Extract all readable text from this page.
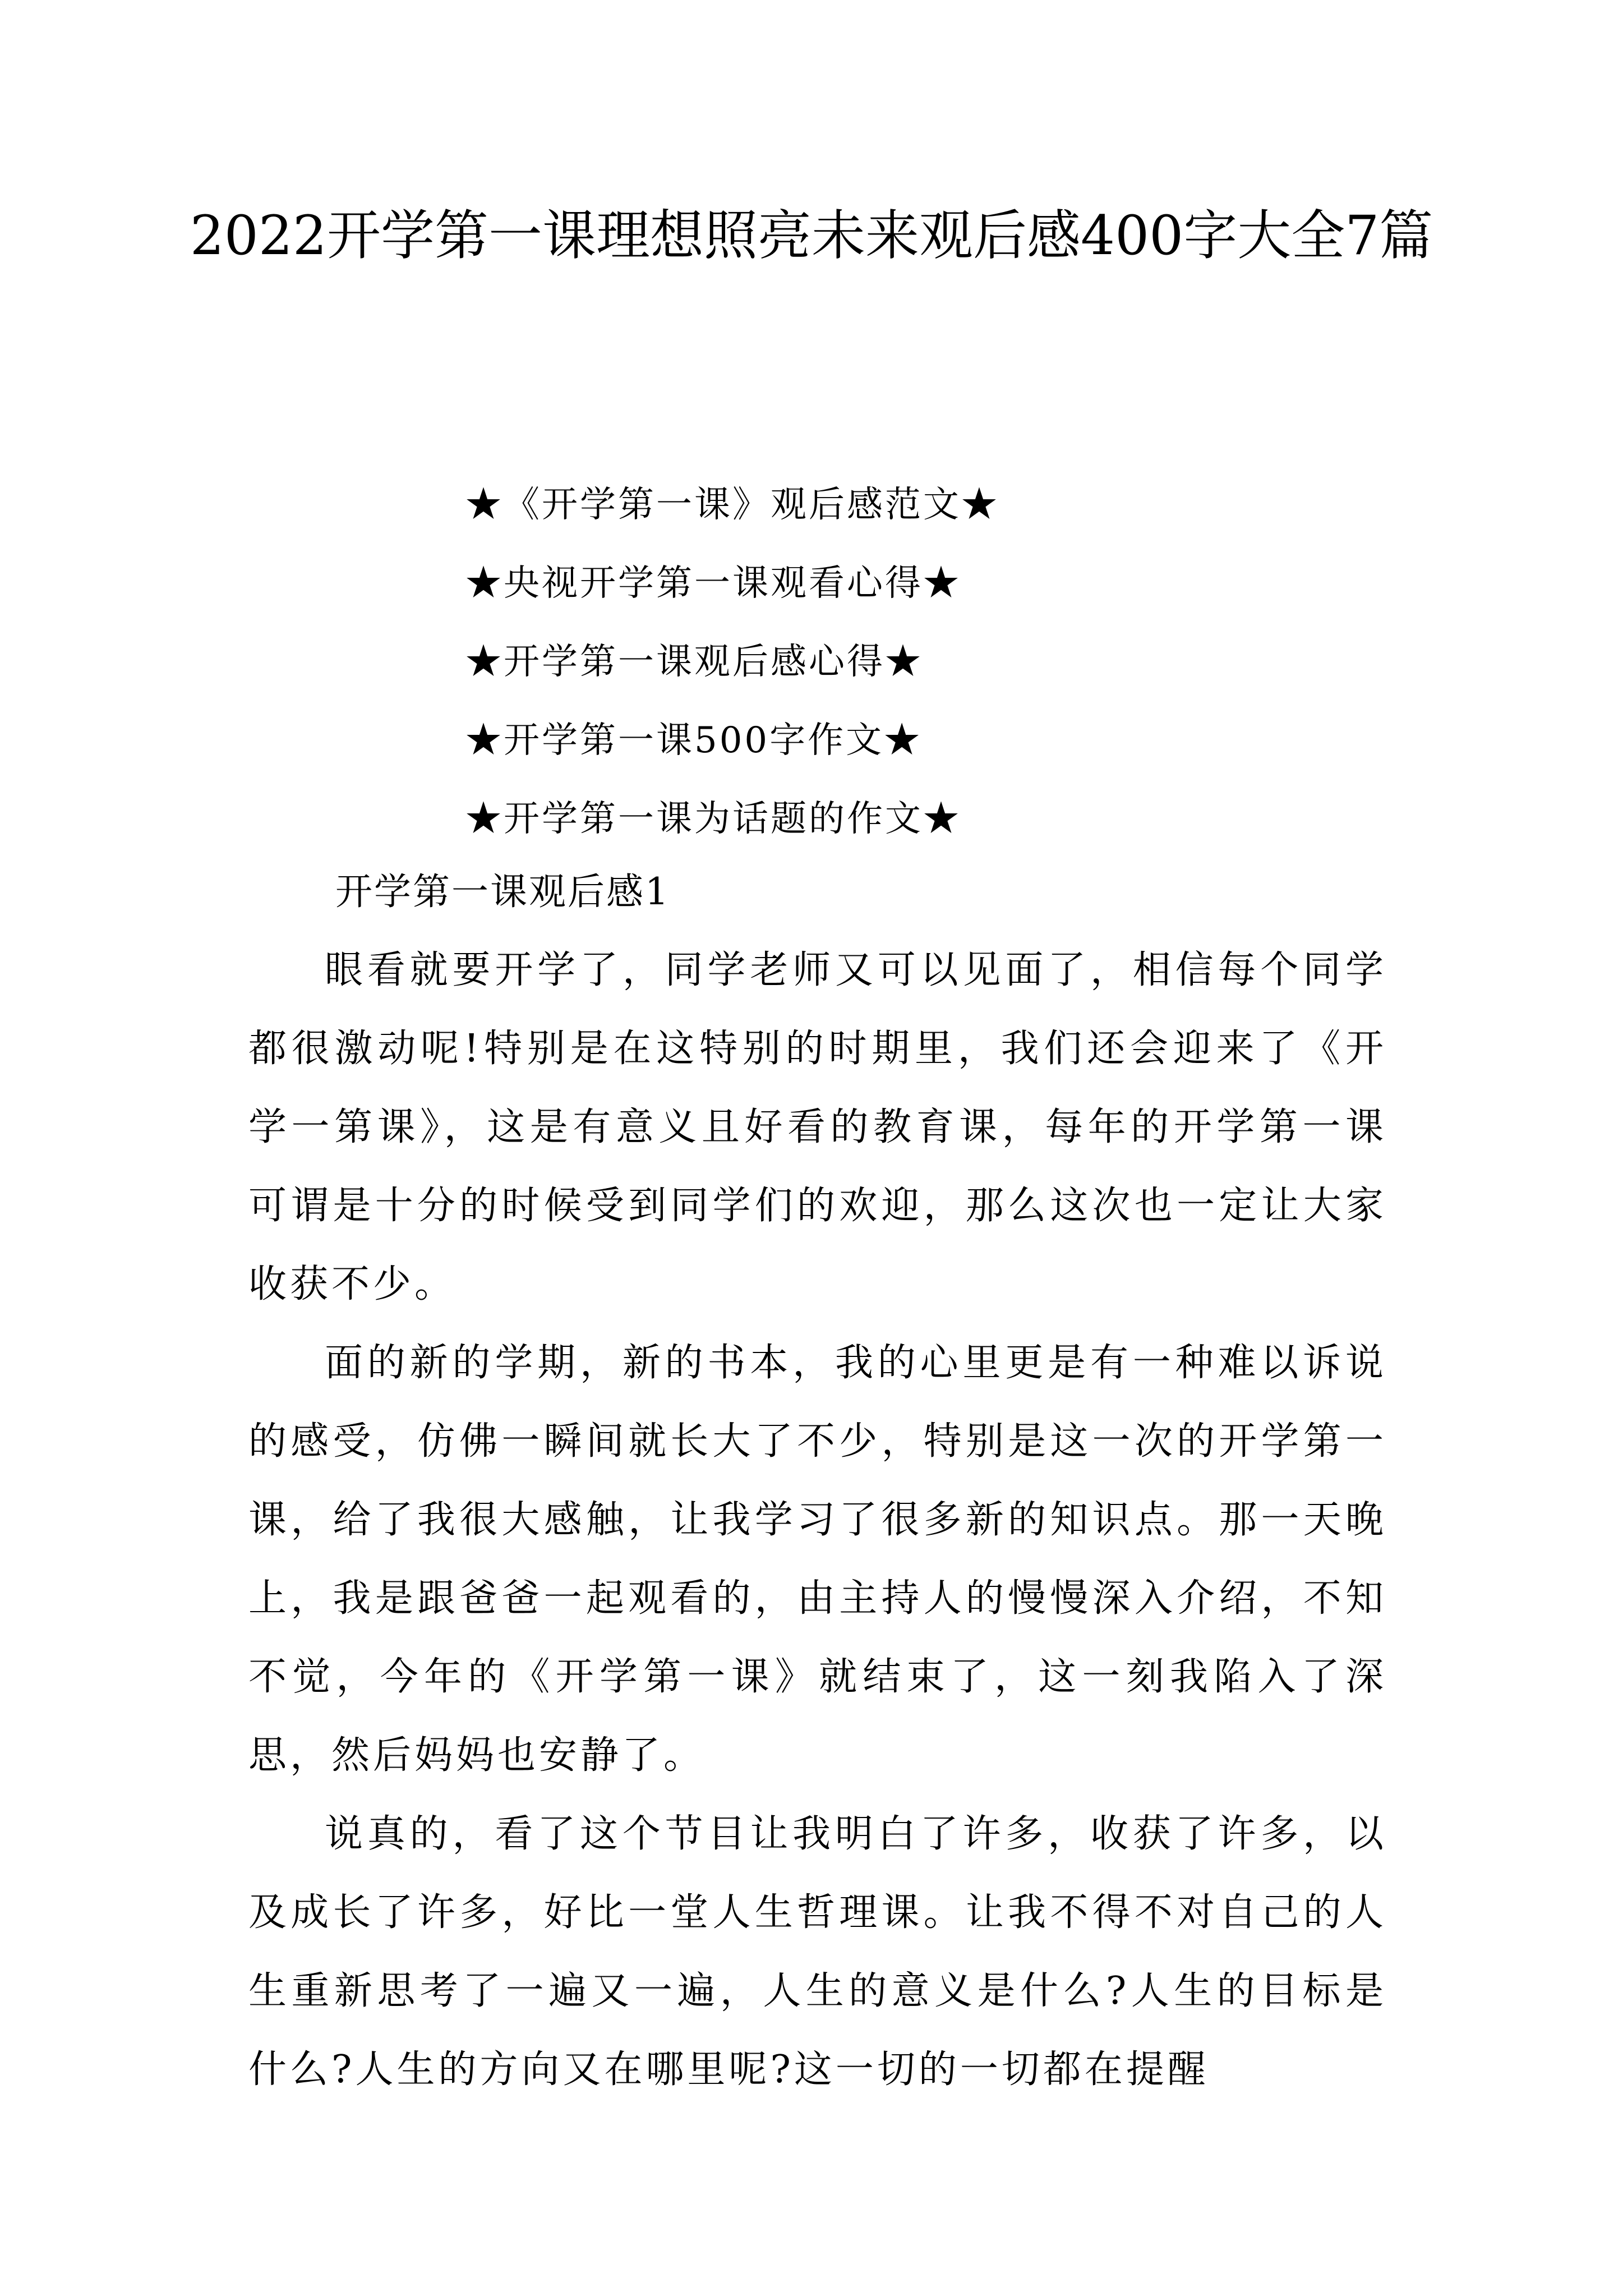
2022开学第一课理想照亮未来观后感400字大全7篇
★《开学第一课》观后感范文★
★央视开学第一课观看心得★
★开学第一课观后感心得★
★开学第一课500字作文★
★开学第一课为话题的作文★
开学第一课观后感1

眼看就要开学了，同学老师又可以见面了，相信每个同学都很激动呢!特别是在这特别的时期里，我们还会迎来了《开学一第课》，这是有意义且好看的教育课，每年的开学第一课可谓是十分的时候受到同学们的欢迎，那么这次也一定让大家收获不少。

面的新的学期，新的书本，我的心里更是有一种难以诉说的感受，仿佛一瞬间就长大了不少，特别是这一次的开学第一课，给了我很大感触，让我学习了很多新的知识点。那一天晚上，我是跟爸爸一起观看的，由主持人的慢慢深入介绍，不知不觉，今年的《开学第一课》就结束了，这一刻我陷入了深思，然后妈妈也安静了。

说真的，看了这个节目让我明白了许多，收获了许多，以及成长了许多，好比一堂人生哲理课。让我不得不对自己的人生重新思考了一遍又一遍，人生的意义是什么?人生的目标是什么?人生的方向又在哪里呢?这一切的一切都在提醒
